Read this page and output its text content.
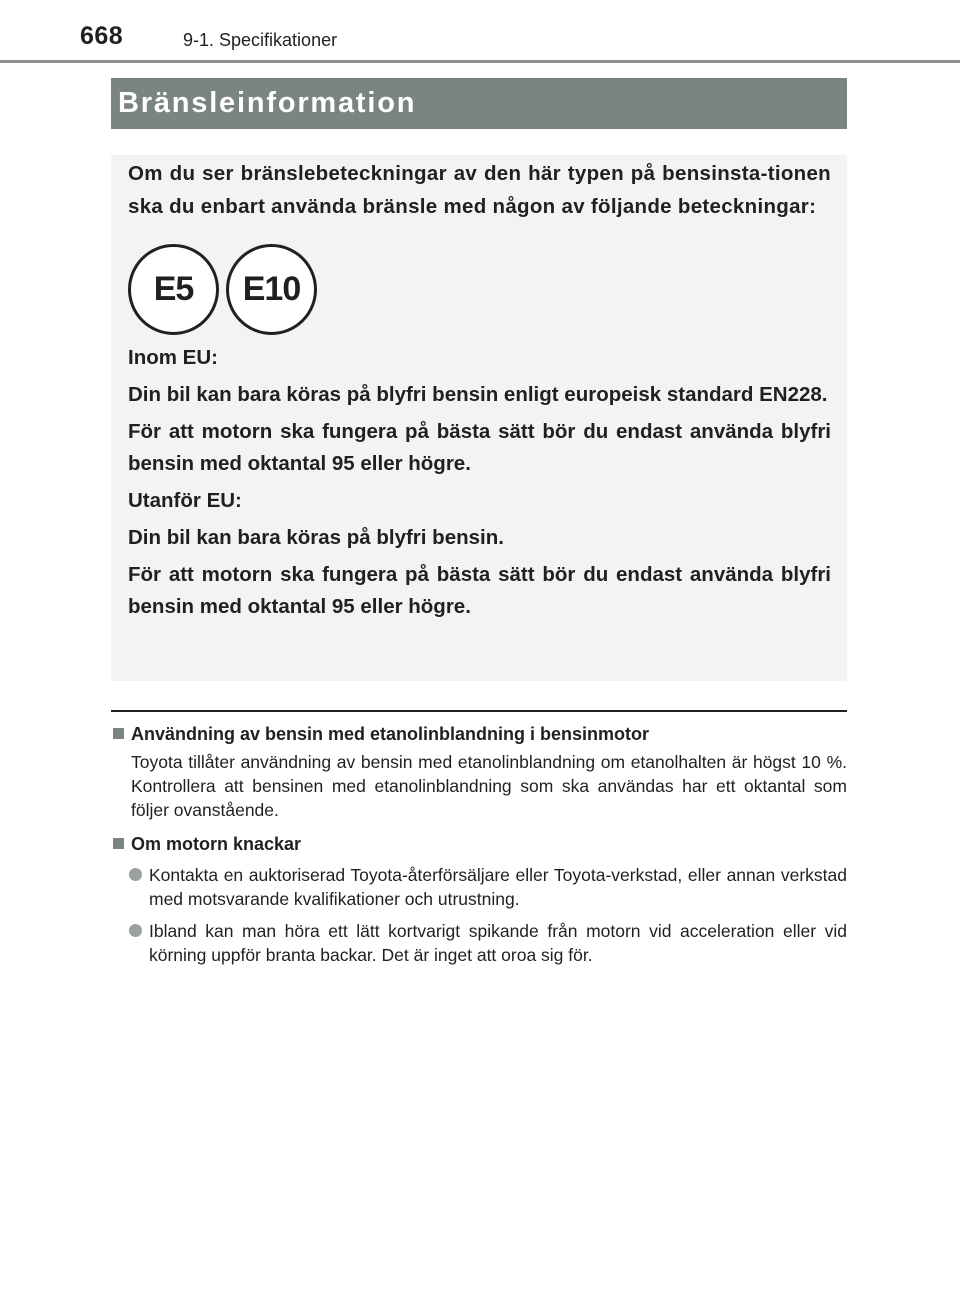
668	9-1. Specifikationer
Bränsleinformation

Om du ser bränslebeteckningar av den här typen på bensinsta-tionen ska du enbart använda bränsle med någon av följande beteckningar:

E5	E10

Inom EU:

Din bil kan bara köras på blyfri bensin enligt europeisk standard EN228.

För att motorn ska fungera på bästa sätt bör du endast använda blyfri bensin med oktantal 95 eller högre.

Utanför EU:

Din bil kan bara köras på blyfri bensin.

För att motorn ska fungera på bästa sätt bör du endast använda blyfri bensin med oktantal 95 eller högre.

Användning av bensin med etanolinblandning i bensinmotor
Toyota tillåter användning av bensin med etanolinblandning om etanolhalten är högst 10 %. Kontrollera att bensinen med etanolinblandning som ska användas har ett oktantal som följer ovanstående.
Om motorn knackar
Kontakta en auktoriserad Toyota-återförsäljare eller Toyota-verkstad, eller annan verkstad med motsvarande kvalifikationer och utrustning.
Ibland kan man höra ett lätt kortvarigt spikande från motorn vid acceleration eller vid körning uppför branta backar. Det är inget att oroa sig för.
